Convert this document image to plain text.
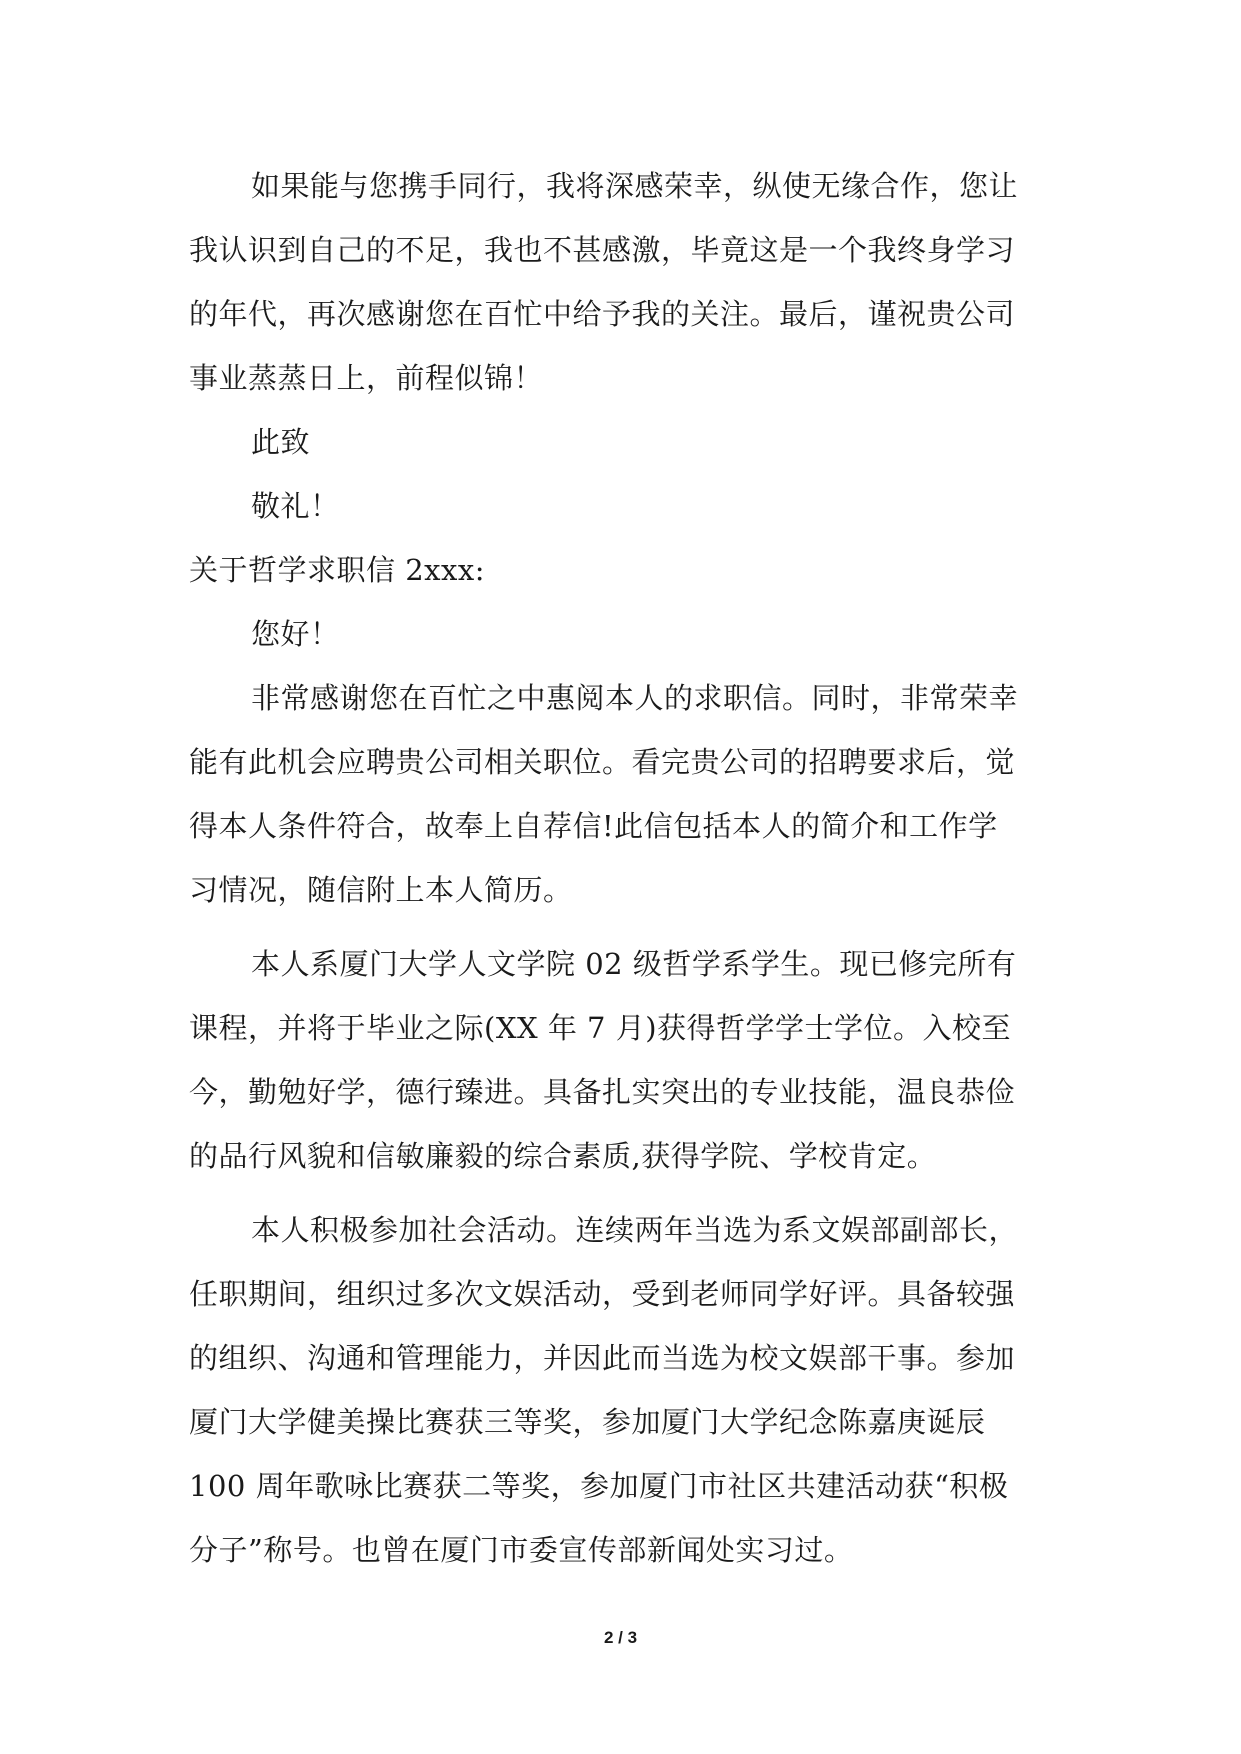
如果能与您携手同行，我将深感荣幸，纵使无缘合作，您让
我认识到自己的不足，我也不甚感激，毕竟这是一个我终身学习
的年代，再次感谢您在百忙中给予我的关注。最后，谨祝贵公司
事业蒸蒸日上，前程似锦！
此致
敬礼！
关于哲学求职信 2xxx:
您好！
非常感谢您在百忙之中惠阅本人的求职信。同时，非常荣幸
能有此机会应聘贵公司相关职位。看完贵公司的招聘要求后，觉
得本人条件符合，故奉上自荐信!此信包括本人的简介和工作学
习情况，随信附上本人简历。
本人系厦门大学人文学院 02 级哲学系学生。现已修完所有
课程，并将于毕业之际(XX 年 7 月)获得哲学学士学位。入校至
今，勤勉好学，德行臻进。具备扎实突出的专业技能，温良恭俭
的品行风貌和信敏廉毅的综合素质,获得学院、学校肯定。
本人积极参加社会活动。连续两年当选为系文娱部副部长，
任职期间，组织过多次文娱活动，受到老师同学好评。具备较强
的组织、沟通和管理能力，并因此而当选为校文娱部干事。参加
厦门大学健美操比赛获三等奖，参加厦门大学纪念陈嘉庚诞辰
100 周年歌咏比赛获二等奖，参加厦门市社区共建活动获“积极
分子”称号。也曾在厦门市委宣传部新闻处实习过。
2 / 3
